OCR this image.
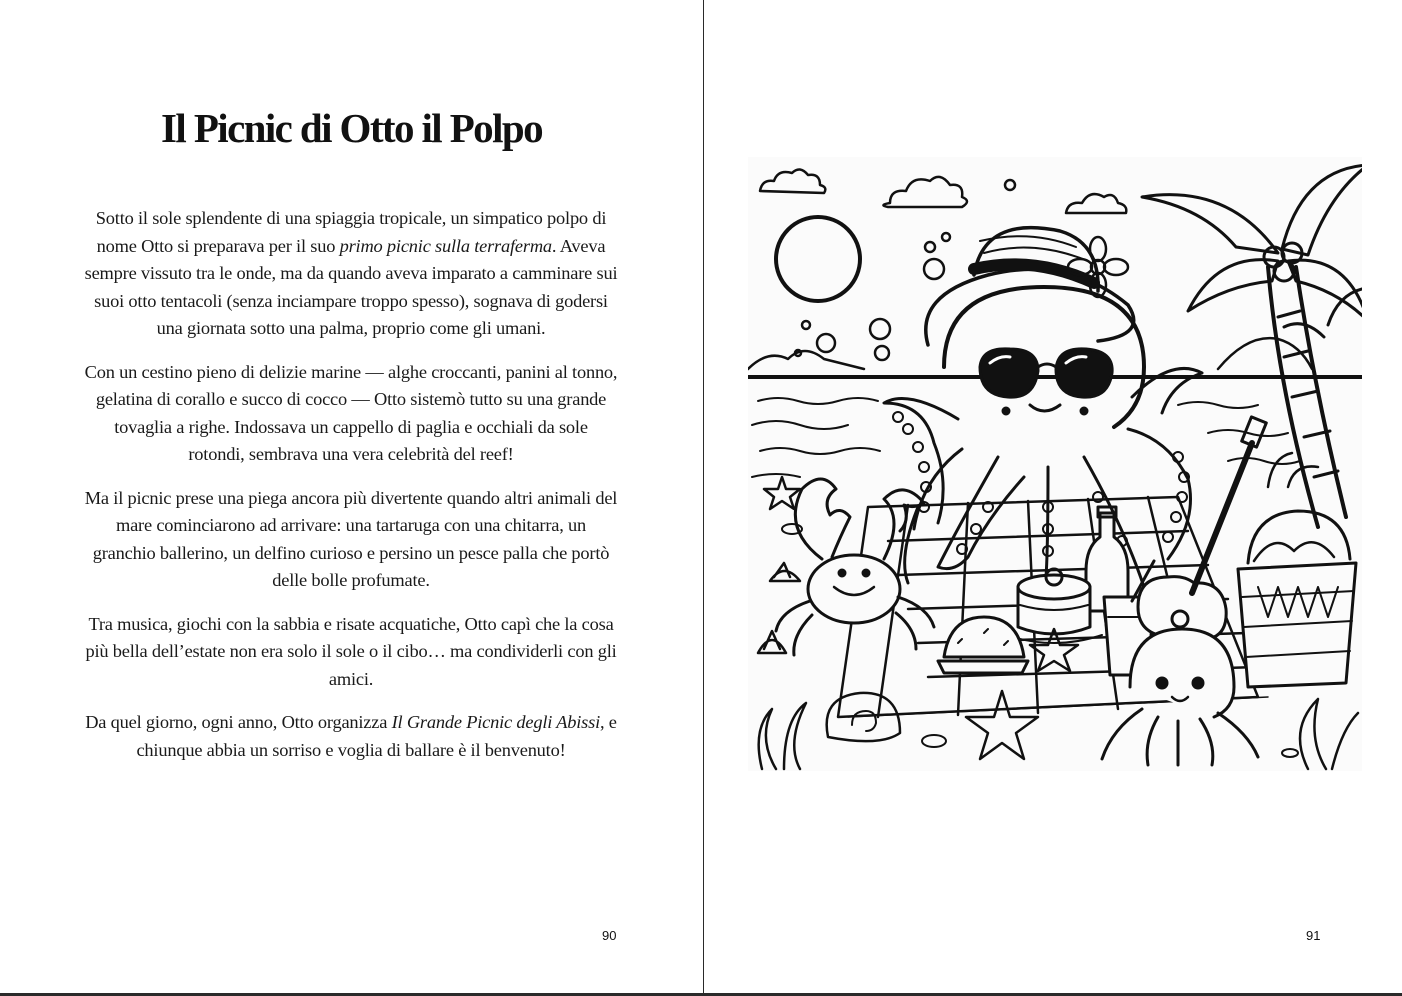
Il Picnic di Otto il Polpo

Sotto il sole splendente di una spiaggia tropicale, un simpatico polpo di nome Otto si preparava per il suo primo picnic sulla terraferma. Aveva sempre vissuto tra le onde, ma da quando aveva imparato a camminare sui suoi otto tentacoli (senza inciampare troppo spesso), sognava di godersi una giornata sotto una palma, proprio come gli umani.

Con un cestino pieno di delizie marine — alghe croccanti, panini al tonno, gelatina di corallo e succo di cocco — Otto sistemò tutto su una grande tovaglia a righe. Indossava un cappello di paglia e occhiali da sole rotondi, sembrava una vera celebrità del reef!

Ma il picnic prese una piega ancora più divertente quando altri animali del mare cominciarono ad arrivare: una tartaruga con una chitarra, un granchio ballerino, un delfino curioso e persino un pesce palla che portò delle bolle profumate.

Tra musica, giochi con la sabbia e risate acquatiche, Otto capì che la cosa più bella dell’estate non era solo il sole o il cibo… ma condividerli con gli amici.

Da quel giorno, ogni anno, Otto organizza Il Grande Picnic degli Abissi, e chiunque abbia un sorriso e voglia di ballare è il benvenuto!

90	91
